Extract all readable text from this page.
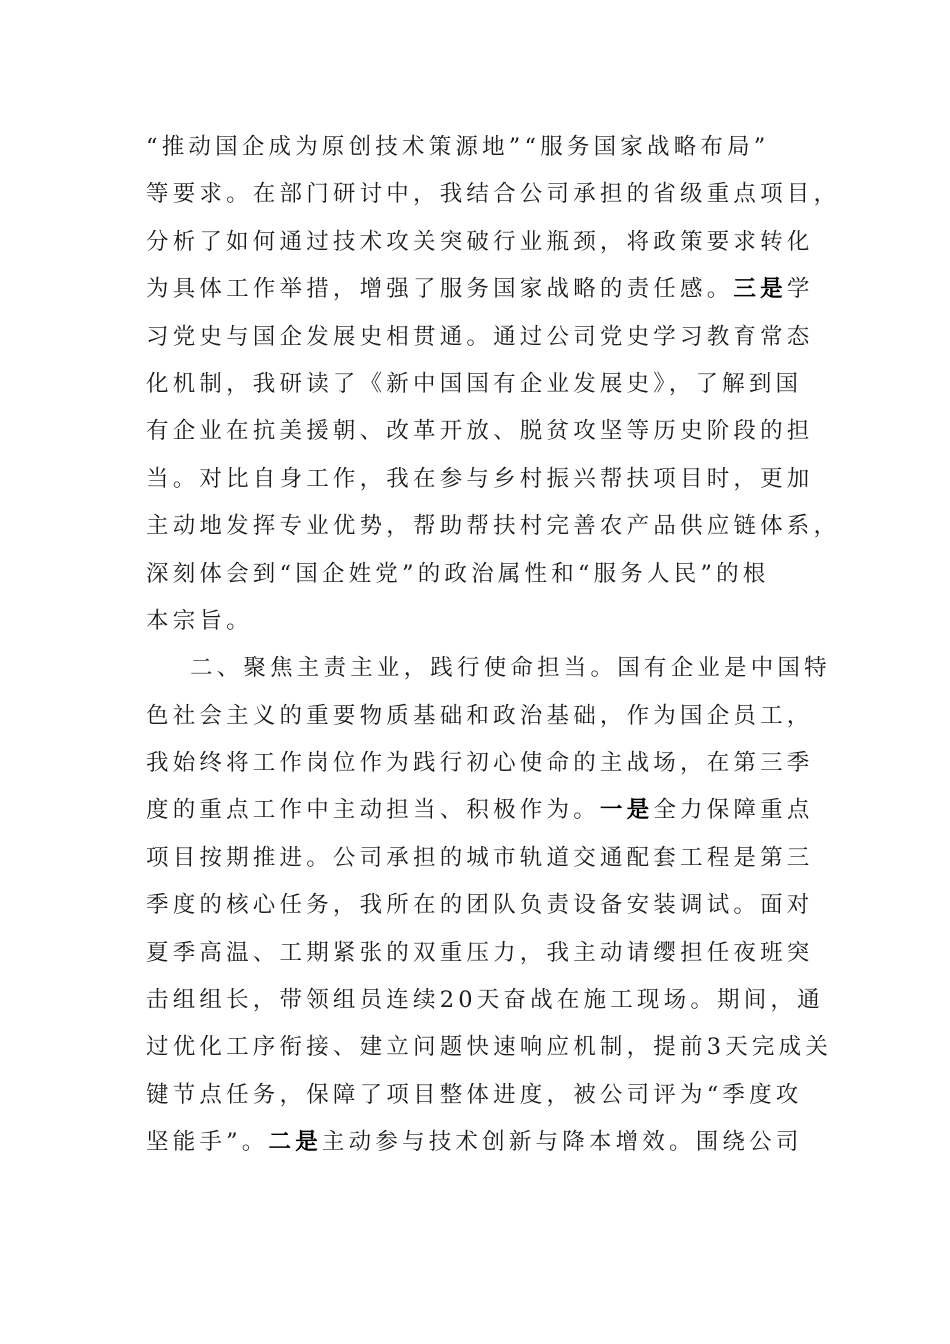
“推动国企成为原创技术策源地”“服务国家战略布局”
等要求。在部门研讨中，我结合公司承担的省级重点项目，
分析了如何通过技术攻关突破行业瓶颈，将政策要求转化
为具体工作举措，增强了服务国家战略的责任感。三是学
习党史与国企发展史相贯通。通过公司党史学习教育常态
化机制，我研读了《新中国国有企业发展史》，了解到国
有企业在抗美援朝、改革开放、脱贫攻坚等历史阶段的担
当。对比自身工作，我在参与乡村振兴帮扶项目时，更加
主动地发挥专业优势，帮助帮扶村完善农产品供应链体系，
深刻体会到“国企姓党”的政治属性和“服务人民”的根
本宗旨。
二、聚焦主责主业，践行使命担当。国有企业是中国特
色社会主义的重要物质基础和政治基础，作为国企员工，
我始终将工作岗位作为践行初心使命的主战场，在第三季
度的重点工作中主动担当、积极作为。一是全力保障重点
项目按期推进。公司承担的城市轨道交通配套工程是第三
季度的核心任务，我所在的团队负责设备安装调试。面对
夏季高温、工期紧张的双重压力，我主动请缨担任夜班突
击组组长，带领组员连续20天奋战在施工现场。期间，通
过优化工序衔接、建立问题快速响应机制，提前3天完成关
键节点任务，保障了项目整体进度，被公司评为“季度攻
坚能手”。二是主动参与技术创新与降本增效。围绕公司
